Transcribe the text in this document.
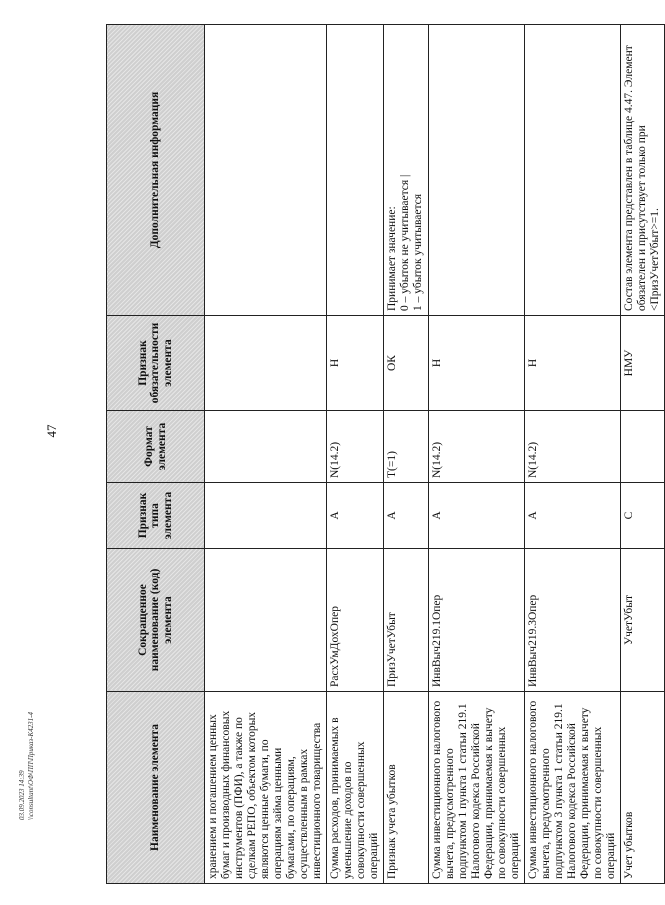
47
Наименование элемента	Сокращенное наименование (код) элемента	Признак типа элемента	Формат элемента	Признак обязательности элемента	Дополнительная информация
хранением и погашением ценных бумаг и производных финансовых инструментов (ПФИ), а также по сделкам РЕПО, объектом которых являются ценные бумаги, по операциям займа ценными бумагами, по операциям, осуществленным в рамках инвестиционного товарищества					
Сумма расходов, принимаемых в уменьшение доходов по совокупности совершенных операций	РасхУмДохОпер	А	N(14.2)	Н	
Признак учета убытков	ПризУчетУбыт	А	Т(=1)	ОК	Принимает значение:
0 – убыток не учитывается |
1 – убыток учитывается
Сумма инвестиционного налогового вычета, предусмотренного подпунктом 1 пункта 1 статьи 219.1 Налогового кодекса Российской Федерации, принимаемая к вычету по совокупности совершенных операций	ИнвВыч219.1Опер	А	N(14.2)	Н	
Сумма инвестиционного налогового вычета, предусмотренного подпунктом 3 пункта 1 статьи 219.1 Налогового кодекса Российской Федерации, принимаемая к вычету по совокупности совершенных операций	ИнвВыч219.3Опер	А	N(14.2)	Н	
Учет убытков	УчетУбыт	С		НМУ	Состав элемента представлен в таблице 4.47. Элемент обязателен и присутствует только при <ПризУчетУбыт>=1.
03.09.2023 14:39 \\consultant\ОФ\ПП\Приказ-К4231-4
